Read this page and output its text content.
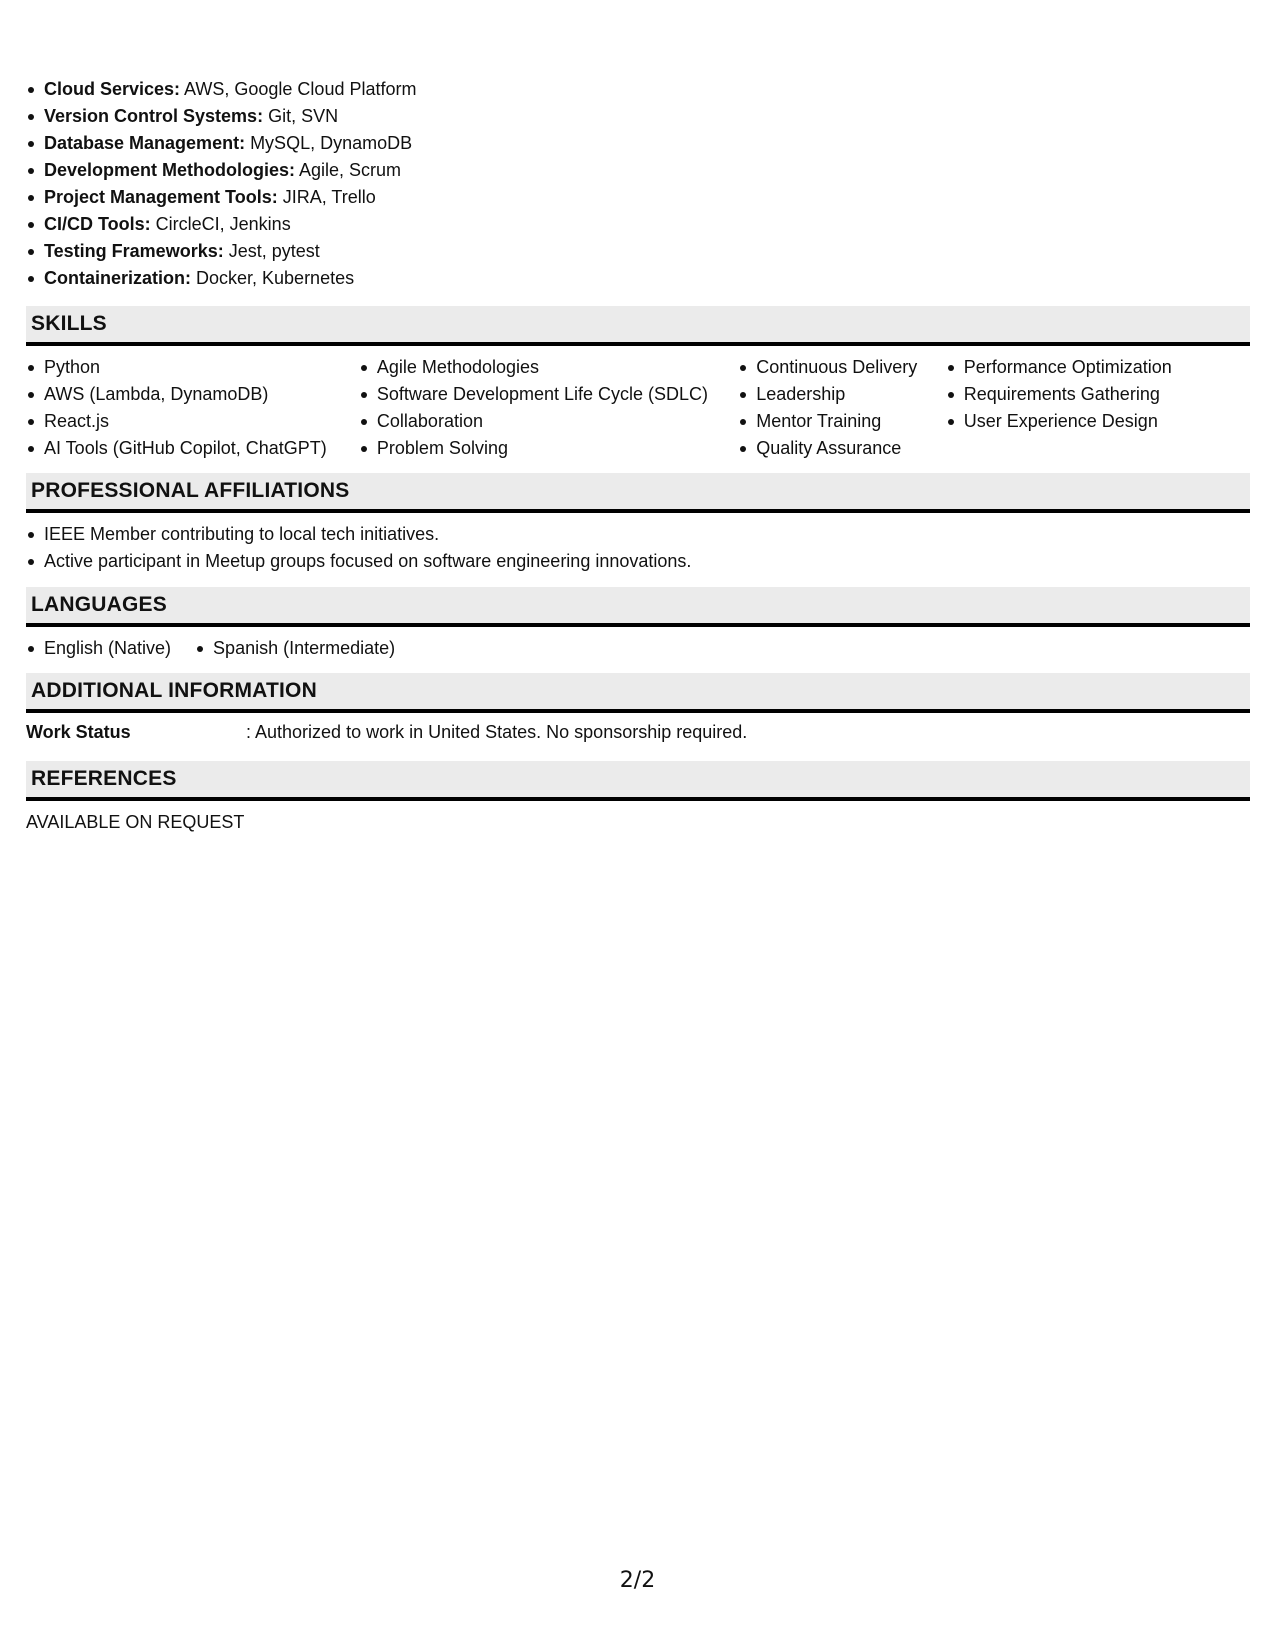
Cloud Services: AWS, Google Cloud Platform
Version Control Systems: Git, SVN
Database Management: MySQL, DynamoDB
Development Methodologies: Agile, Scrum
Project Management Tools: JIRA, Trello
CI/CD Tools: CircleCI, Jenkins
Testing Frameworks: Jest, pytest
Containerization: Docker, Kubernetes
SKILLS
Python
AWS (Lambda, DynamoDB)
React.js
AI Tools (GitHub Copilot, ChatGPT)
Agile Methodologies
Software Development Life Cycle (SDLC)
Collaboration
Problem Solving
Continuous Delivery
Leadership
Mentor Training
Quality Assurance
Performance Optimization
Requirements Gathering
User Experience Design
PROFESSIONAL AFFILIATIONS
IEEE Member contributing to local tech initiatives.
Active participant in Meetup groups focused on software engineering innovations.
LANGUAGES
English (Native) Spanish (Intermediate)
ADDITIONAL INFORMATION
Work Status	: Authorized to work in United States. No sponsorship required.
REFERENCES
AVAILABLE ON REQUEST
2/2
